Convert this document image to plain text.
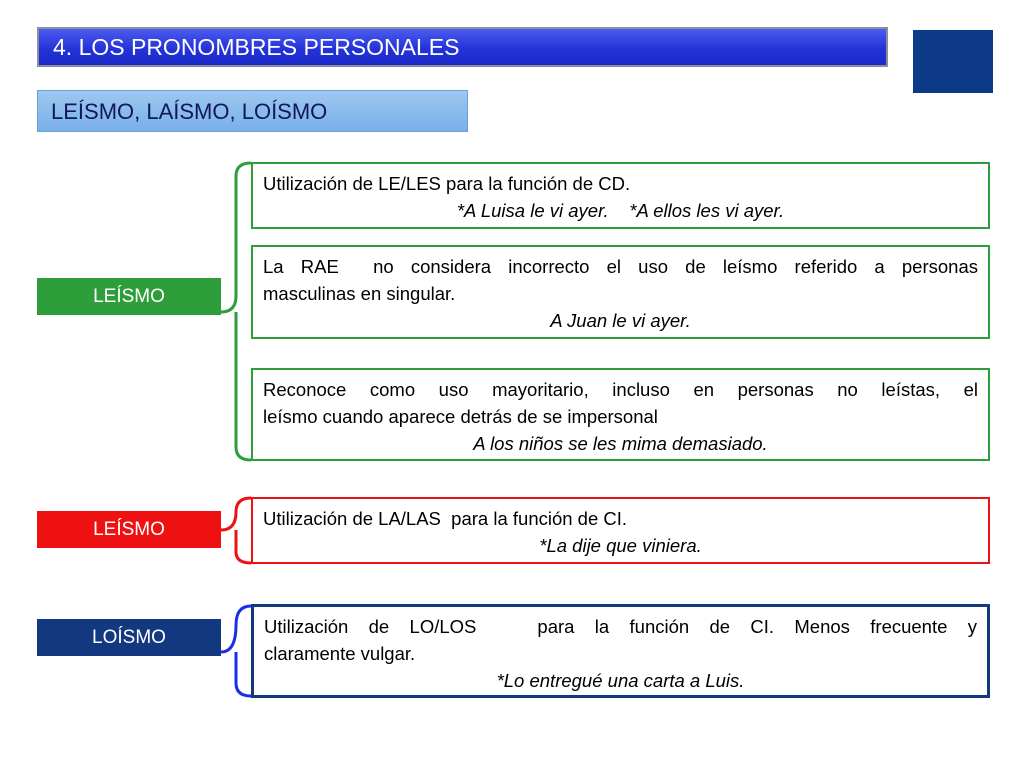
4. LOS PRONOMBRES PERSONALES
LEÍSMO, LAÍSMO, LOÍSMO
LEÍSMO
LEÍSMO
LOÍSMO
Utilización de LE/LES para la función de CD.
*A Luisa le vi ayer.    *A ellos les vi ayer.
La RAE  no considera incorrecto el uso de leísmo referido a personas
masculinas en singular.
A Juan le vi ayer.
Reconoce como uso mayoritario, incluso en personas no leístas, el
leísmo cuando aparece detrás de se impersonal
A los niños se les mima demasiado.
Utilización de LA/LAS  para la función de CI.
*La dije que viniera.
Utilización de LO/LOS   para la función de CI. Menos frecuente y
claramente vulgar.
*Lo entregué una carta a Luis.
